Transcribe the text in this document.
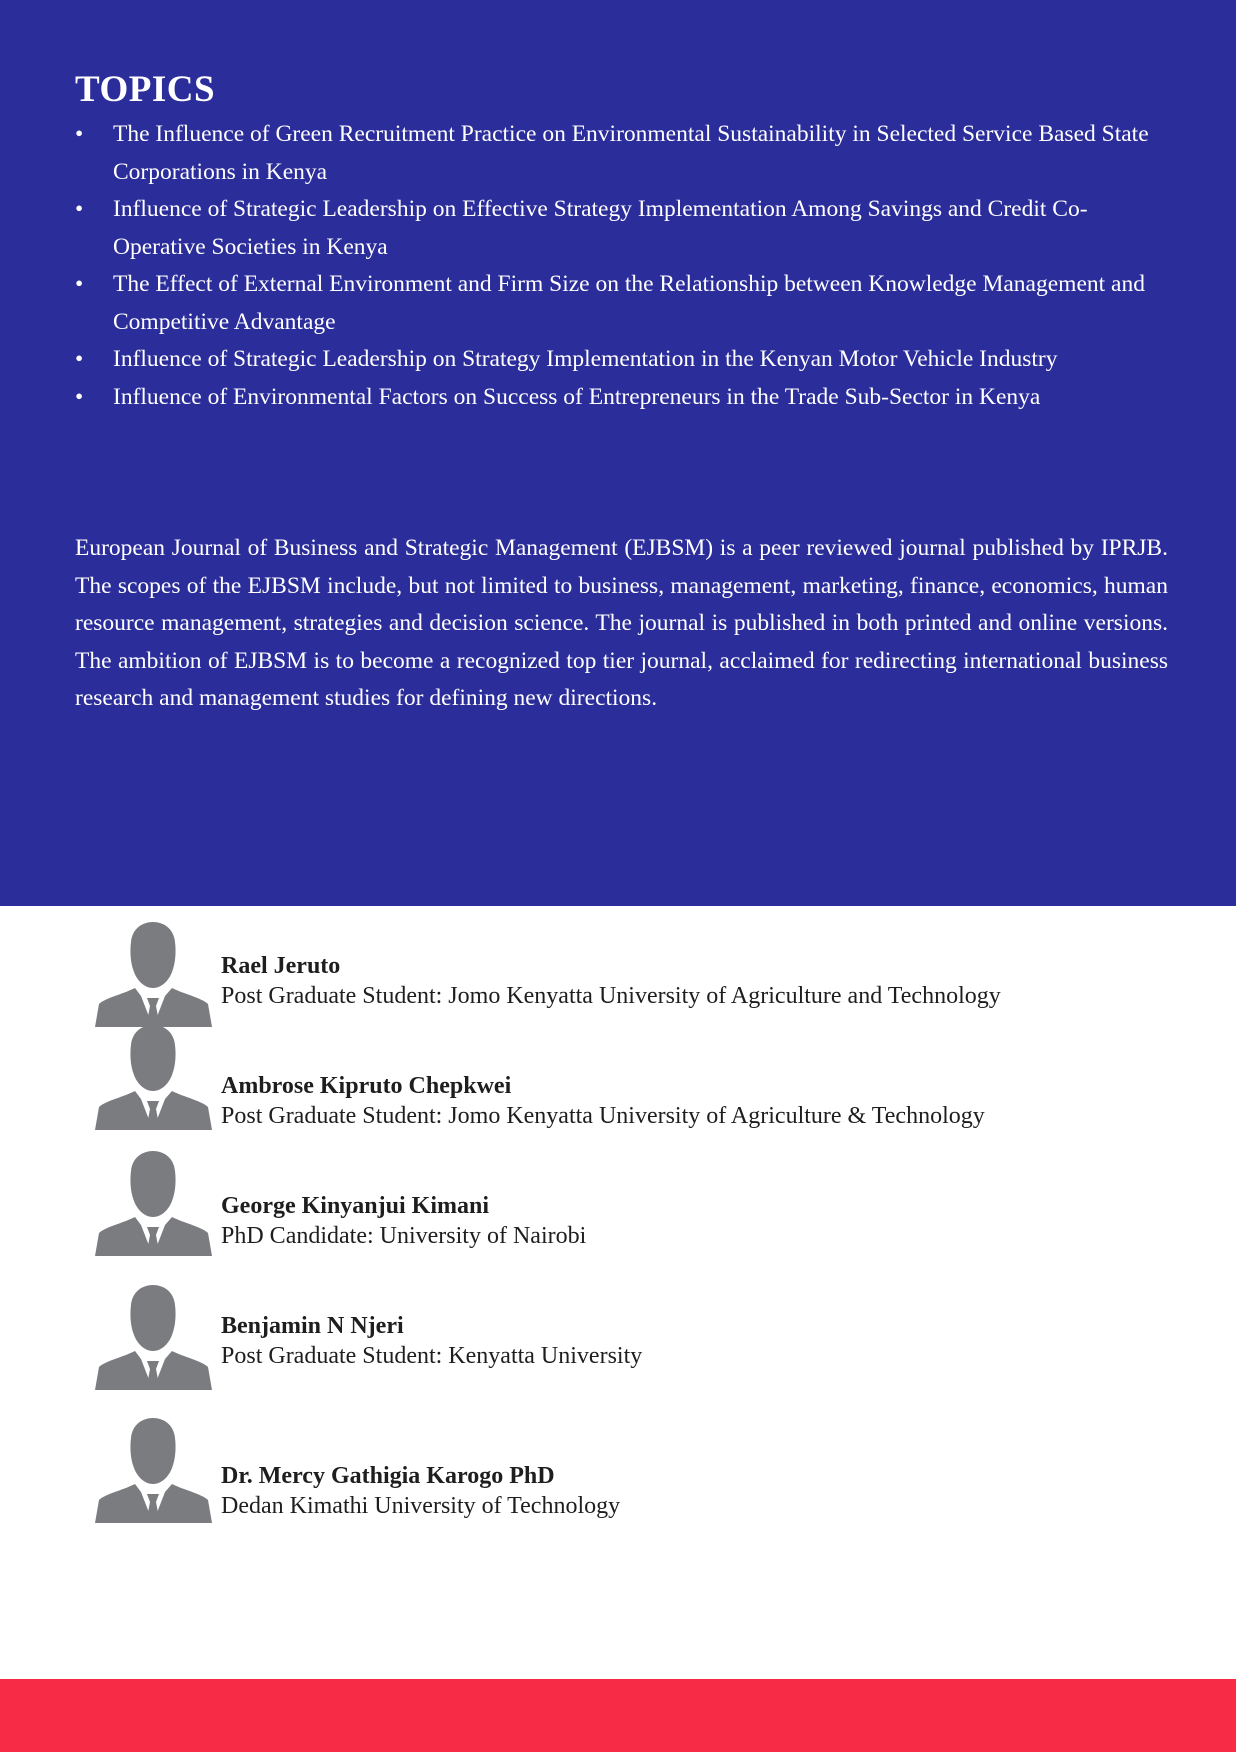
TOPICS
• The Influence of Green Recruitment Practice on Environmental Sustainability in Selected Service Based State Corporations in Kenya
• Influence of Strategic Leadership on Effective Strategy Implementation Among Savings and Credit Co-Operative Societies in Kenya
• The Effect of External Environment and Firm Size on the Relationship between Knowledge Management and Competitive Advantage
• Influence of Strategic Leadership on Strategy Implementation in the Kenyan Motor Vehicle Industry
• Influence of Environmental Factors on Success of Entrepreneurs in the Trade Sub-Sector in Kenya

European Journal of Business and Strategic Management (EJBSM) is a peer reviewed journal published by IPRJB. The scopes of the EJBSM include, but not limited to business, management, marketing, finance, economics, human resource management, strategies and decision science. The journal is published in both printed and online versions. The ambition of EJBSM is to become a recognized top tier journal, acclaimed for redirecting international business research and management studies for defining new directions.

Rael Jeruto
Post Graduate Student: Jomo Kenyatta University of Agriculture and Technology
Ambrose Kipruto Chepkwei
Post Graduate Student: Jomo Kenyatta University of Agriculture & Technology
George Kinyanjui Kimani
PhD Candidate: University of Nairobi
Benjamin N Njeri
Post Graduate Student: Kenyatta University
Dr. Mercy Gathigia Karogo PhD
Dedan Kimathi University of Technology
